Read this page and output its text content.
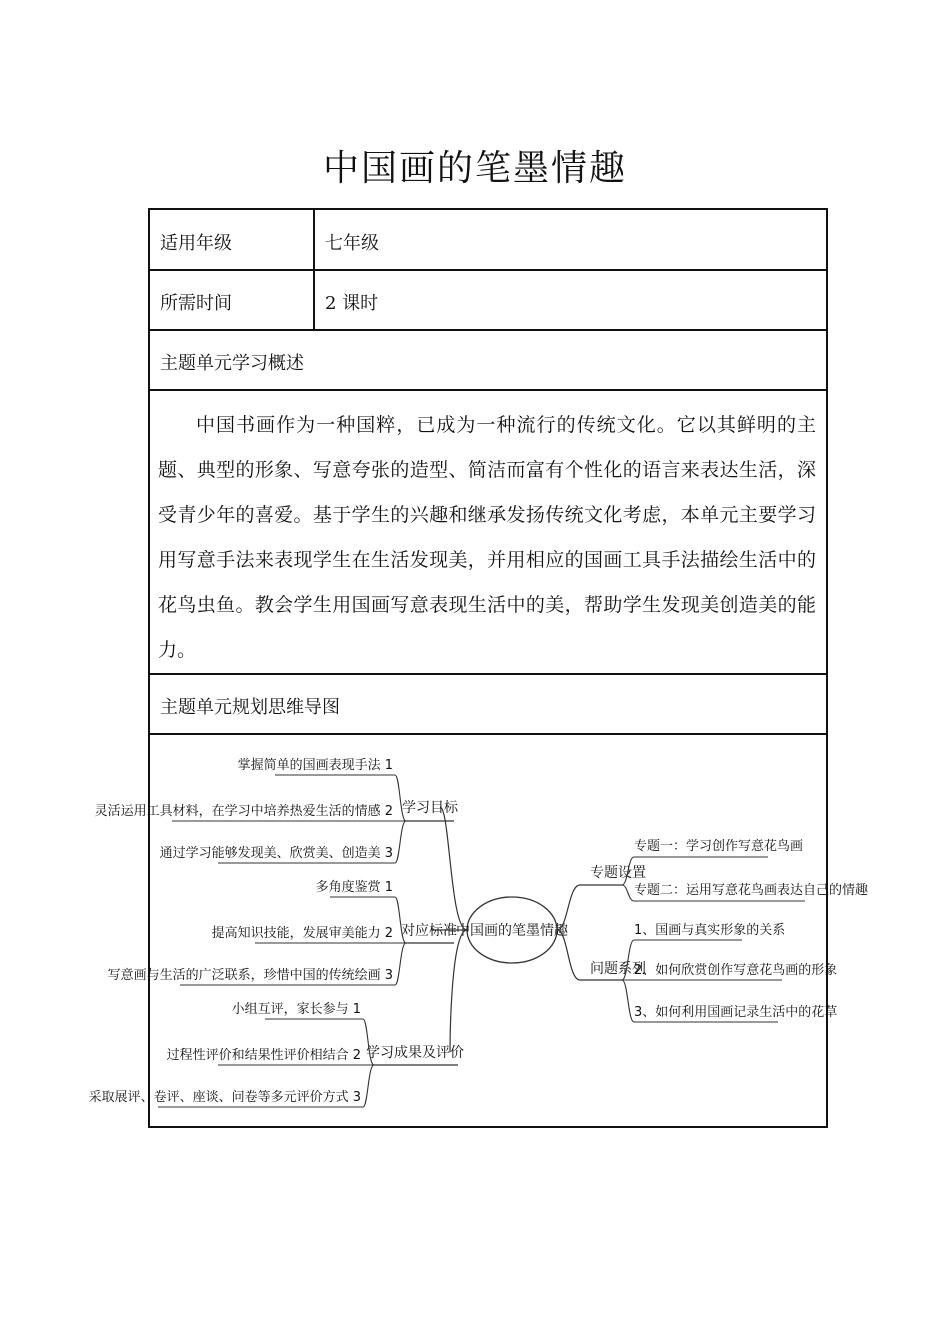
中国画的笔墨情趣
适用年级	七年级
所需时间	2 课时
主题单元学习概述
中国书画作为一种国粹，已成为一种流行的传统文化。它以其鲜明的主题、典型的形象、写意夸张的造型、简洁而富有个性化的语言来表达生活，深受青少年的喜爱。基于学生的兴趣和继承发扬传统文化考虑，本单元主要学习用写意手法来表现学生在生活发现美，并用相应的国画工具手法描绘生活中的花鸟虫鱼。教会学生用国画写意表现生活中的美，帮助学生发现美创造美的能力。
主题单元规划思维导图
中国画的笔墨情趣
学习目标
掌握简单的国画表现手法 1
灵活运用工具材料，在学习中培养热爱生活的情感 2
通过学习能够发现美、欣赏美、创造美 3
对应标准
多角度鉴赏 1
提高知识技能，发展审美能力 2
写意画与生活的广泛联系，珍惜中国的传统绘画 3
学习成果及评价
小组互评，家长参与 1
过程性评价和结果性评价相结合 2
采取展评、卷评、座谈、问卷等多元评价方式 3
专题设置
专题一：学习创作写意花鸟画
专题二：运用写意花鸟画表达自己的情趣
问题系列
1、国画与真实形象的关系
2、如何欣赏创作写意花鸟画的形象
3、如何利用国画记录生活中的花草
